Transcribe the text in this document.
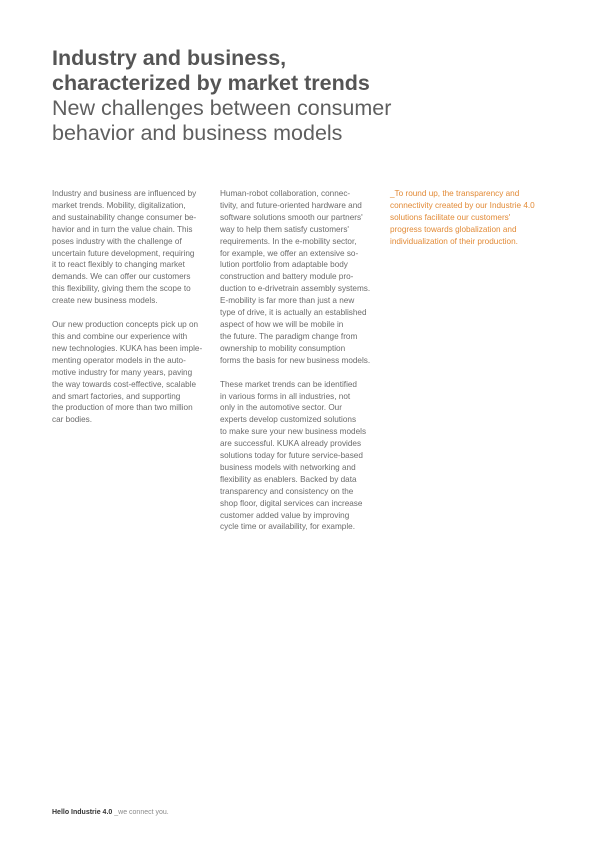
Industry and business,
characterized by market trends
New challenges between consumer
behavior and business models

Industry and business are influenced by
market trends. Mobility, digitalization,
and sustainability change consumer be-
havior and in turn the value chain. This
poses industry with the challenge of
uncertain future development, requiring
it to react flexibly to changing market
demands. We can offer our customers
this flexibility, giving them the scope to
create new business models.

Our new production concepts pick up on
this and combine our experience with
new technologies. KUKA has been imple-
menting operator models in the auto-
motive industry for many years, paving
the way towards cost-effective, scalable
and smart factories, and supporting
the production of more than two million
car bodies.

Human-robot collaboration, connec-
tivity, and future-oriented hardware and
software solutions smooth our partners'
way to help them satisfy customers'
requirements. In the e-mobility sector,
for example, we offer an extensive so-
lution portfolio from adaptable body
construction and battery module pro-
duction to e-drivetrain assembly systems.
E-mobility is far more than just a new
type of drive, it is actually an established
aspect of how we will be mobile in
the future. The paradigm change from
ownership to mobility consumption
forms the basis for new business models.

These market trends can be identified
in various forms in all industries, not
only in the automotive sector. Our
experts develop customized solutions
to make sure your new business models
are successful. KUKA already provides
solutions today for future service-based
business models with networking and
flexibility as enablers. Backed by data
transparency and consistency on the
shop floor, digital services can increase
customer added value by improving
cycle time or availability, for example.

_To round up, the transparency and
connectivity created by our Industrie 4.0
solutions facilitate our customers'
progress towards globalization and
individualization of their production.

Hello Industrie 4.0 _we connect you.
